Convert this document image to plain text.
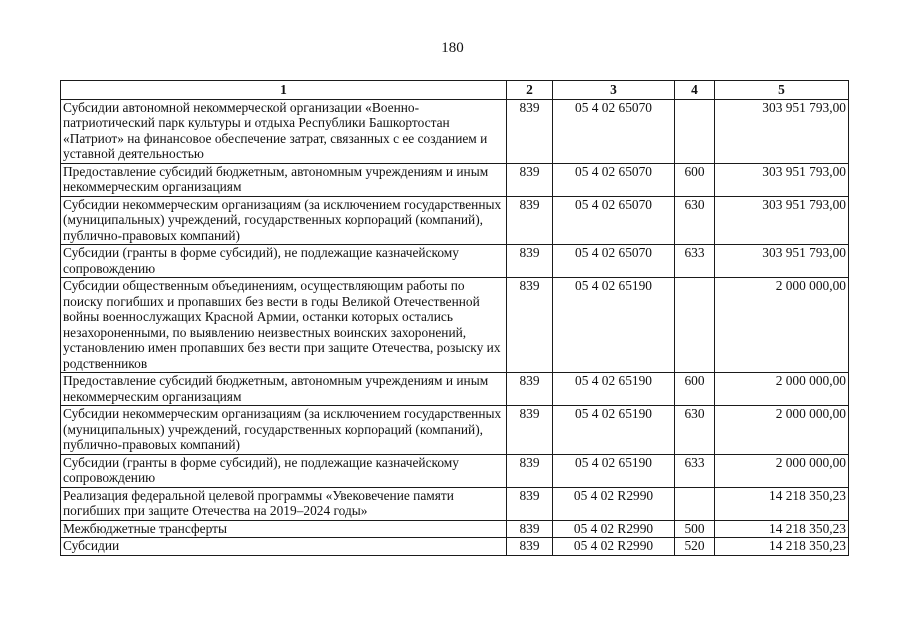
180
1	2	3	4	5
Субсидии автономной некоммерческой организации «Военно-патриотический парк культуры и отдыха Республики Башкортостан «Патриот» на финансовое обеспечение затрат, связанных с ее созданием и уставной деятельностью	839	05 4 02 65070		303 951 793,00
Предоставление субсидий бюджетным, автономным учреждениям и иным некоммерческим организациям	839	05 4 02 65070	600	303 951 793,00
Субсидии некоммерческим организациям (за исключением государственных (муниципальных) учреждений, государственных корпораций (компаний), публично-правовых компаний)	839	05 4 02 65070	630	303 951 793,00
Субсидии (гранты в форме субсидий), не подлежащие казначейскому сопровождению	839	05 4 02 65070	633	303 951 793,00
Субсидии общественным объединениям, осуществляющим работы по поиску погибших и пропавших без вести в годы Великой Отечественной войны военнослужащих Красной Армии, останки которых остались незахороненными, по выявлению неизвестных воинских захоронений, установлению имен пропавших без вести при защите Отечества, розыску их родственников	839	05 4 02 65190		2 000 000,00
Предоставление субсидий бюджетным, автономным учреждениям и иным некоммерческим организациям	839	05 4 02 65190	600	2 000 000,00
Субсидии некоммерческим организациям (за исключением государственных (муниципальных) учреждений, государственных корпораций (компаний), публично-правовых компаний)	839	05 4 02 65190	630	2 000 000,00
Субсидии (гранты в форме субсидий), не подлежащие казначейскому сопровождению	839	05 4 02 65190	633	2 000 000,00
Реализация федеральной целевой программы «Увековечение памяти погибших при защите Отечества на 2019–2024 годы»	839	05 4 02 R2990		14 218 350,23
Межбюджетные трансферты	839	05 4 02 R2990	500	14 218 350,23
Субсидии	839	05 4 02 R2990	520	14 218 350,23
